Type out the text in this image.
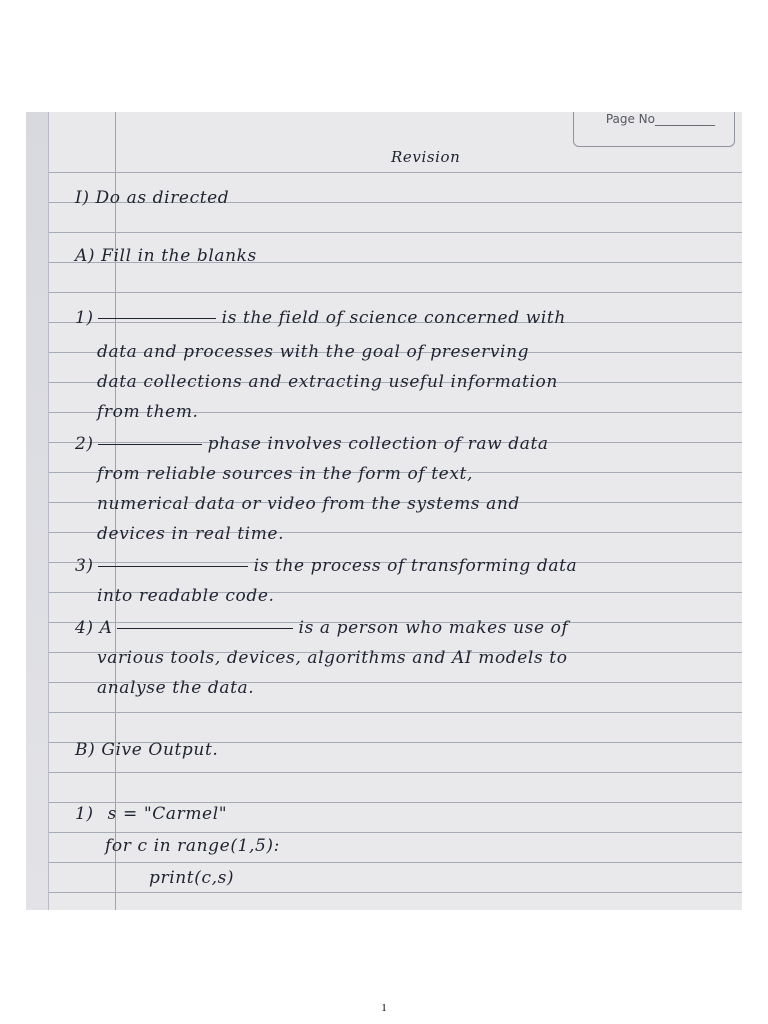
Page No__________
Revision
I) Do as directed
A) Fill in the blanks
1)	is the field of science concerned with
data and processes with the goal of preserving
data collections and extracting useful information
from them.
2)	phase involves collection of raw data
from reliable sources in the form of text,
numerical data or video from the systems and
devices in real time.
3)	is the process of transforming data
into readable code.
4) A	is a person who makes use of
various tools, devices, algorithms and AI models to
analyse the data.
B) Give Output.
1) s = "Carmel"
for c in range(1,5):
print(c,s)
1
